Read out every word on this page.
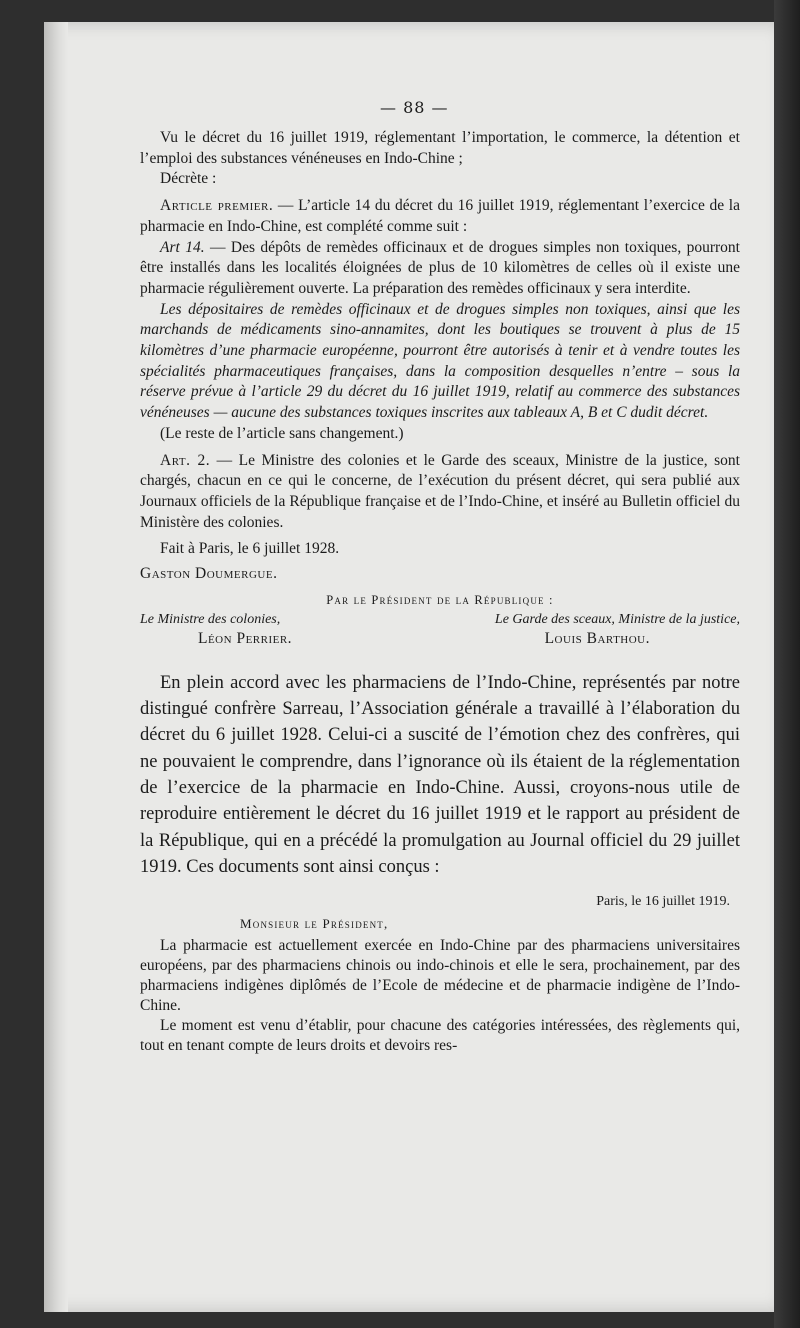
— 88 —

Vu le décret du 16 juillet 1919, réglementant l’importation, le commerce, la détention et l’emploi des substances vénéneuses en Indo-Chine ;

Décrète :

Article premier. — L’article 14 du décret du 16 juillet 1919, réglementant l’exercice de la pharmacie en Indo-Chine, est complété comme suit :

Art 14. — Des dépôts de remèdes officinaux et de drogues simples non toxiques, pourront être installés dans les localités éloignées de plus de 10 kilomètres de celles où il existe une pharmacie régulièrement ouverte. La préparation des remèdes officinaux y sera interdite.

Les dépositaires de remèdes officinaux et de drogues simples non toxiques, ainsi que les marchands de médicaments sino-annamites, dont les boutiques se trouvent à plus de 15 kilomètres d’une pharmacie européenne, pourront être autorisés à tenir et à vendre toutes les spécialités pharmaceutiques françaises, dans la composition desquelles n’entre – sous la réserve prévue à l’article 29 du décret du 16 juillet 1919, relatif au commerce des substances vénéneuses — aucune des substances toxiques inscrites aux tableaux A, B et C dudit décret.

(Le reste de l’article sans changement.)

Art. 2. — Le Ministre des colonies et le Garde des sceaux, Ministre de la justice, sont chargés, chacun en ce qui le concerne, de l’exécution du présent décret, qui sera publié aux Journaux officiels de la République française et de l’Indo-Chine, et inséré au Bulletin officiel du Ministère des colonies.

Fait à Paris, le 6 juillet 1928.

Gaston Doumergue.

Par le Président de la République :
Le Ministre des colonies,	Le Garde des sceaux, Ministre de la justice,
Léon Perrier.	Louis Barthou.

En plein accord avec les pharmaciens de l’Indo-Chine, représentés par notre distingué confrère Sarreau, l’Association générale a travaillé à l’élaboration du décret du 6 juillet 1928. Celui-ci a suscité de l’émotion chez des confrères, qui ne pouvaient le comprendre, dans l’ignorance où ils étaient de la réglementation de l’exercice de la pharmacie en Indo-Chine. Aussi, croyons-nous utile de reproduire entièrement le décret du 16 juillet 1919 et le rapport au président de la République, qui en a précédé la promulgation au Journal officiel du 29 juillet 1919. Ces documents sont ainsi conçus :

Paris, le 16 juillet 1919.
Monsieur le Président,

La pharmacie est actuellement exercée en Indo-Chine par des pharmaciens universitaires européens, par des pharmaciens chinois ou indo-chinois et elle le sera, prochainement, par des pharmaciens indigènes diplômés de l’Ecole de médecine et de pharmacie indigène de l’Indo-Chine.

Le moment est venu d’établir, pour chacune des catégories intéressées, des règlements qui, tout en tenant compte de leurs droits et devoirs res-
